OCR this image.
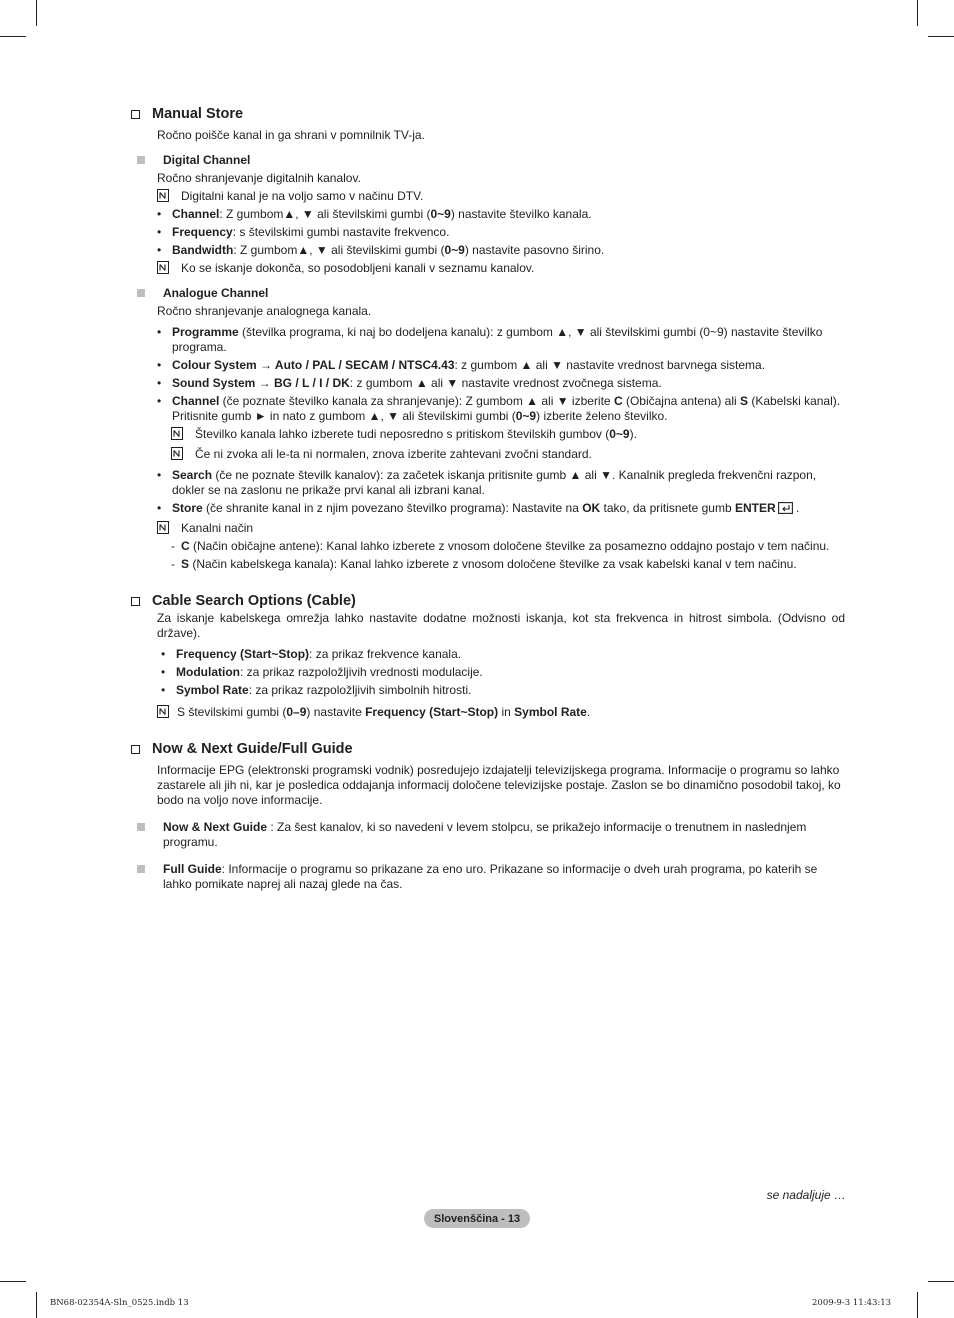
Manual Store
Ročno poišče kanal in ga shrani v pomnilnik TV-ja.
Digital Channel
Ročno shranjevanje digitalnih kanalov.
Digitalni kanal je na voljo samo v načinu DTV.
• Channel: Z gumbom▲, ▼ ali številskimi gumbi (0~9) nastavite številko kanala.
• Frequency: s številskimi gumbi nastavite frekvenco.
• Bandwidth: Z gumbom▲, ▼ ali številskimi gumbi (0~9) nastavite pasovno širino.
Ko se iskanje dokonča, so posodobljeni kanali v seznamu kanalov.
Analogue Channel
Ročno shranjevanje analognega kanala.
• Programme (številka programa, ki naj bo dodeljena kanalu): z gumbom ▲, ▼ ali številskimi gumbi (0~9) nastavite številko programa.
• Colour System → Auto / PAL / SECAM / NTSC4.43: z gumbom ▲ ali ▼ nastavite vrednost barvnega sistema.
• Sound System → BG / L / I / DK: z gumbom ▲ ali ▼ nastavite vrednost zvočnega sistema.
• Channel (če poznate številko kanala za shranjevanje): Z gumbom ▲ ali ▼ izberite C (Običajna antena) ali S (Kabelski kanal). Pritisnite gumb ► in nato z gumbom ▲, ▼ ali številskimi gumbi (0~9) izberite želeno številko.
Številko kanala lahko izberete tudi neposredno s pritiskom številskih gumbov (0~9).
Če ni zvoka ali le-ta ni normalen, znova izberite zahtevani zvočni standard.
• Search (če ne poznate številk kanalov): za začetek iskanja pritisnite gumb ▲ ali ▼. Kanalnik pregleda frekvenčni razpon, dokler se na zaslonu ne prikaže prvi kanal ali izbrani kanal.
• Store (če shranite kanal in z njim povezano številko programa): Nastavite na OK tako, da pritisnete gumb ENTER .
Kanalni način
- C (Način običajne antene): Kanal lahko izberete z vnosom določene številke za posamezno oddajno postajo v tem načinu.
- S (Način kabelskega kanala): Kanal lahko izberete z vnosom določene številke za vsak kabelski kanal v tem načinu.
Cable Search Options (Cable)
Za iskanje kabelskega omrežja lahko nastavite dodatne možnosti iskanja, kot sta frekvenca in hitrost simbola. (Odvisno od države).
• Frequency (Start~Stop): za prikaz frekvence kanala.
• Modulation: za prikaz razpoložljivih vrednosti modulacije.
• Symbol Rate: za prikaz razpoložljivih simbolnih hitrosti.
S številskimi gumbi (0–9) nastavite Frequency (Start~Stop) in Symbol Rate.
Now & Next Guide/Full Guide
Informacije EPG (elektronski programski vodnik) posredujejo izdajatelji televizijskega programa. Informacije o programu so lahko zastarele ali jih ni, kar je posledica oddajanja informacij določene televizijske postaje. Zaslon se bo dinamično posodobil takoj, ko bodo na voljo nove informacije.
Now & Next Guide : Za šest kanalov, ki so navedeni v levem stolpcu, se prikažejo informacije o trenutnem in naslednjem programu.
Full Guide: Informacije o programu so prikazane za eno uro. Prikazane so informacije o dveh urah programa, po katerih se lahko pomikate naprej ali nazaj glede na čas.
se nadaljuje …
Slovenščina - 13
BN68-02354A-Sln_0525.indb 13	2009-9-3 11:43:13
